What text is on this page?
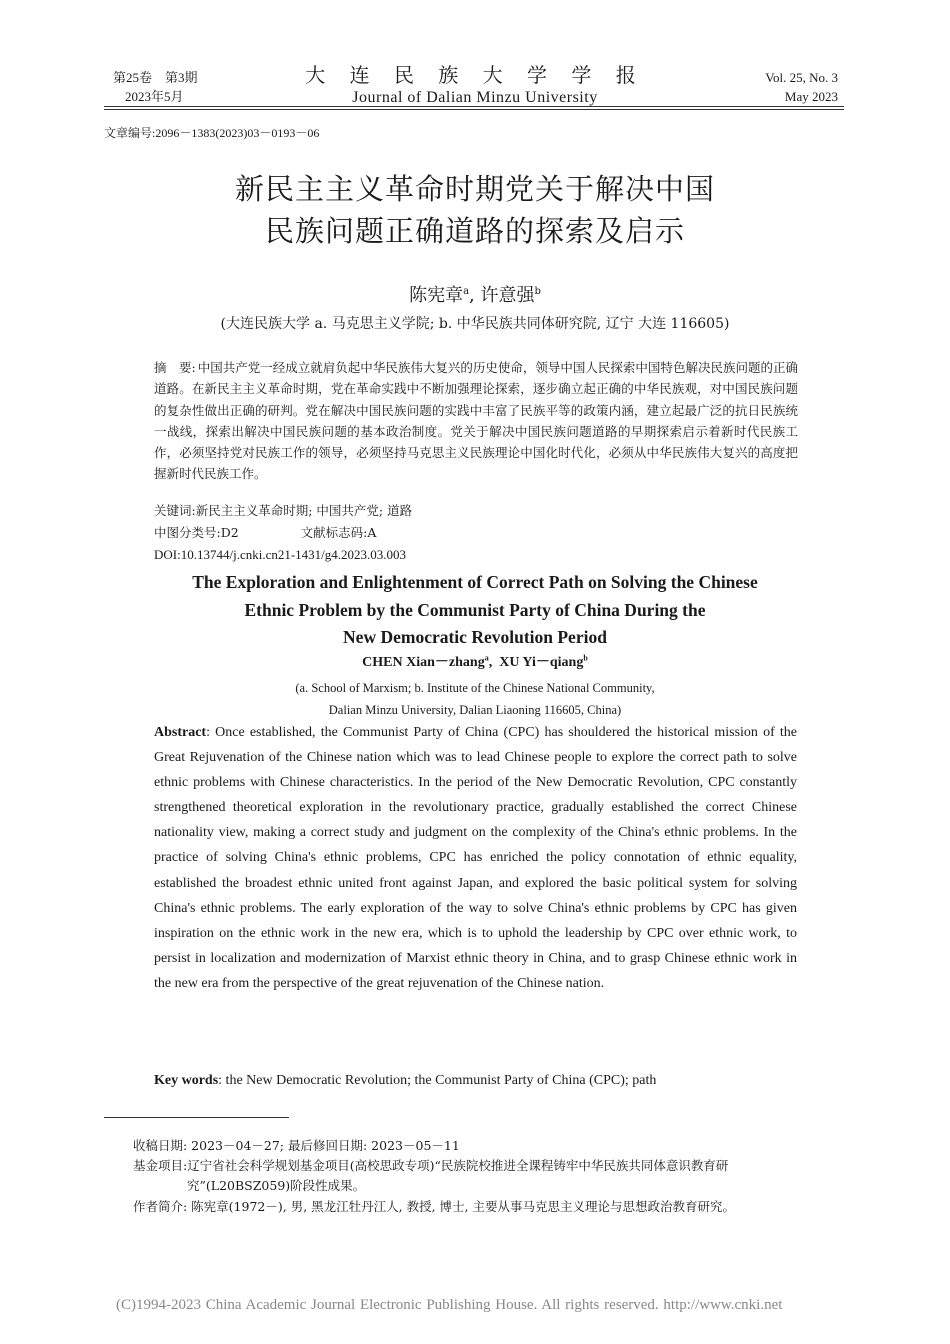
第25卷　第3期
2023年5月
大 连 民 族 大 学 学 报
Journal of Dalian Minzu University
Vol. 25, No. 3
May 2023
文章编号:2096－1383(2023)03－0193－06
新民主主义革命时期党关于解决中国
民族问题正确道路的探索及启示
陈宪章$^a$, 许意强$^b$
(大连民族大学 a. 马克思主义学院; b. 中华民族共同体研究院, 辽宁 大连 116605)
摘　要: 中国共产党一经成立就肩负起中华民族伟大复兴的历史使命，领导中国人民探索中国特色解决民族问题的正确道路。在新民主主义革命时期，党在革命实践中不断加强理论探索，逐步确立起正确的中华民族观，对中国民族问题的复杂性做出正确的研判。党在解决中国民族问题的实践中丰富了民族平等的政策内涵，建立起最广泛的抗日民族统一战线，探索出解决中国民族问题的基本政治制度。党关于解决中国民族问题道路的早期探索启示着新时代民族工作，必须坚持党对民族工作的领导，必须坚持马克思主义民族理论中国化时代化，必须从中华民族伟大复兴的高度把握新时代民族工作。
关键词:新民主主义革命时期; 中国共产党; 道路
中图分类号:D2	文献标志码:A
DOI:10.13744/j.cnki.cn21-1431/g4.2023.03.003
The Exploration and Enlightenment of Correct Path on Solving the Chinese
Ethnic Problem by the Communist Party of China During the
New Democratic Revolution Period
CHEN Xian－zhang$^a$, XU Yi－qiang$^b$
(a. School of Marxism; b. Institute of the Chinese National Community,
Dalian Minzu University, Dalian Liaoning 116605, China)
Abstract: Once established, the Communist Party of China (CPC) has shouldered the historical mission of the Great Rejuvenation of the Chinese nation which was to lead Chinese people to explore the correct path to solve ethnic problems with Chinese characteristics. In the period of the New Democratic Revolution, CPC constantly strengthened theoretical exploration in the revolutionary practice, gradually established the correct Chinese nationality view, making a correct study and judgment on the complexity of the China's ethnic problems. In the practice of solving China's ethnic problems, CPC has enriched the policy connotation of ethnic equality, established the broadest ethnic united front against Japan, and explored the basic political system for solving China's ethnic problems. The early exploration of the way to solve China's ethnic problems by CPC has given inspiration on the ethnic work in the new era, which is to uphold the leadership by CPC over ethnic work, to persist in localization and modernization of Marxist ethnic theory in China, and to grasp Chinese ethnic work in the new era from the perspective of the great rejuvenation of the Chinese nation.
Key words: the New Democratic Revolution; the Communist Party of China (CPC); path
收稿日期: 2023－04－27; 最后修回日期: 2023－05－11
基金项目:辽宁省社会科学规划基金项目(高校思政专项)“民族院校推进全课程铸牢中华民族共同体意识教育研
究”(L20BSZ059)阶段性成果。
作者简介: 陈宪章(1972－), 男, 黑龙江牡丹江人, 教授, 博士, 主要从事马克思主义理论与思想政治教育研究。
(C)1994-2023 China Academic Journal Electronic Publishing House. All rights reserved. http://www.cnki.net
